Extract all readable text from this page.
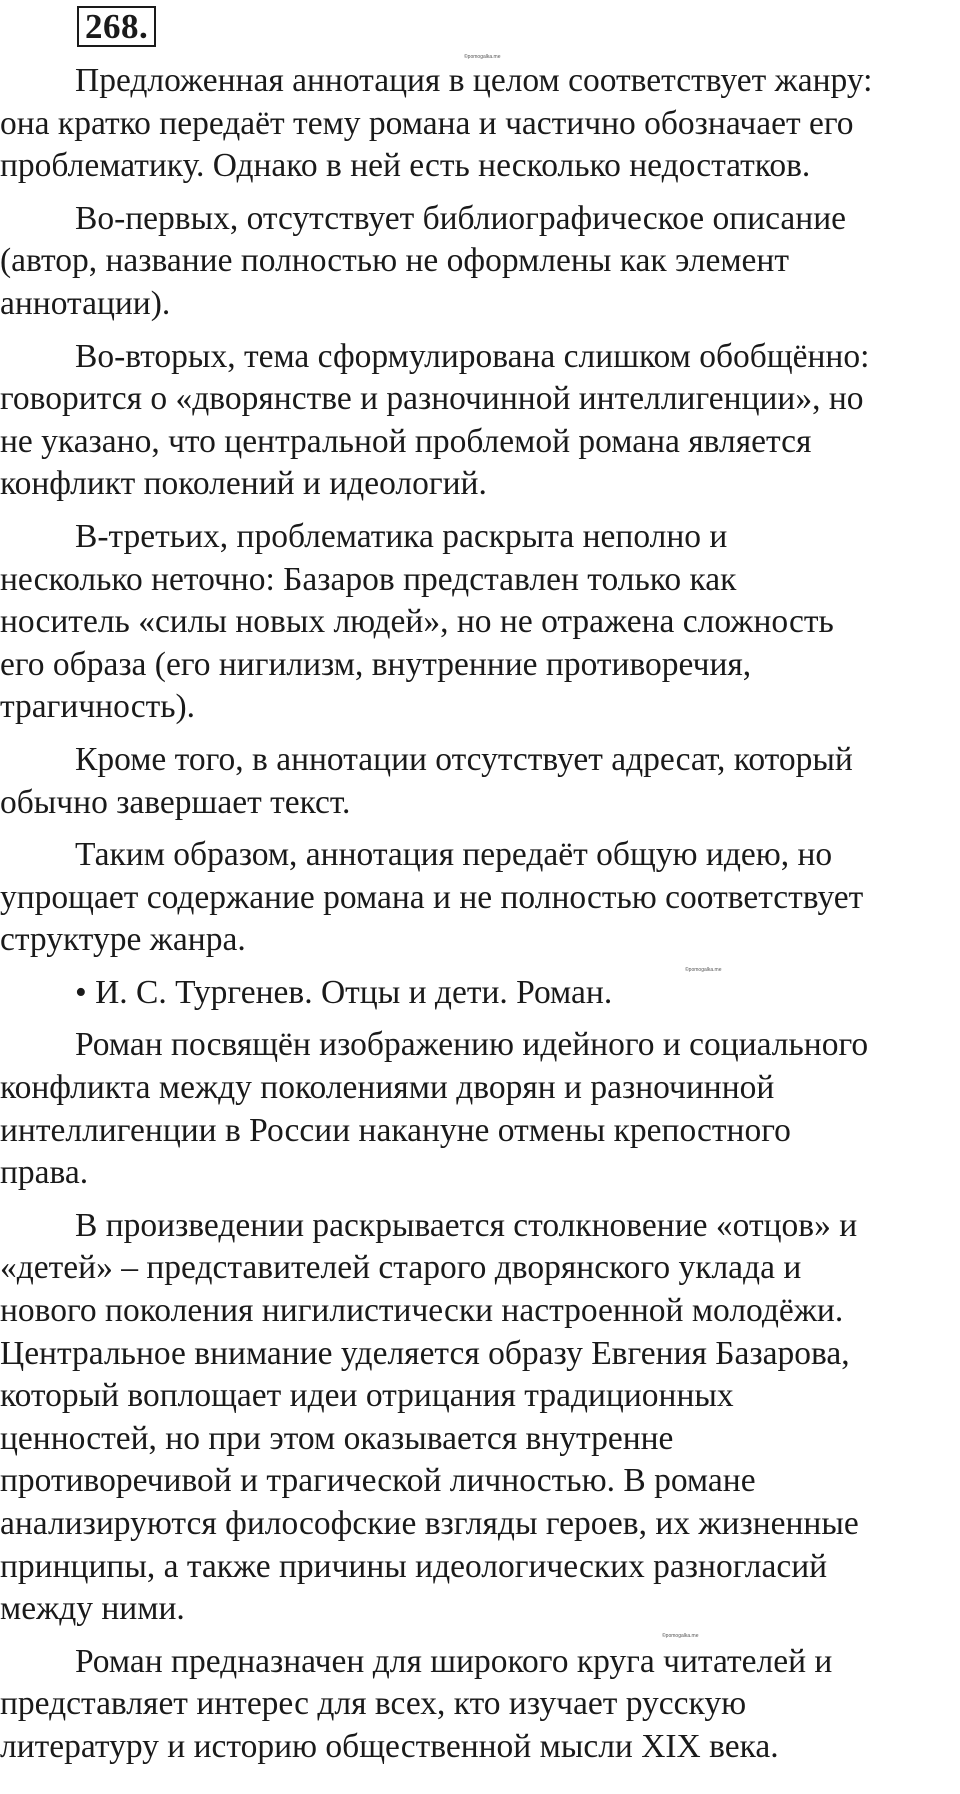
268.
©pomogalka.me
©pomogalka.me
©pomogalka.me

Предложенная аннотация в целом соответствует жанру:
она кратко передаёт тему романа и частично обозначает его
проблематику. Однако в ней есть несколько недостатков.

Во-первых, отсутствует библиографическое описание
(автор, название полностью не оформлены как элемент
аннотации).

Во-вторых, тема сформулирована слишком обобщённо:
говорится о «дворянстве и разночинной интеллигенции», но
не указано, что центральной проблемой романа является
конфликт поколений и идеологий.

В-третьих, проблематика раскрыта неполно и
несколько неточно: Базаров представлен только как
носитель «силы новых людей», но не отражена сложность
его образа (его нигилизм, внутренние противоречия,
трагичность).

Кроме того, в аннотации отсутствует адресат, который
обычно завершает текст.

Таким образом, аннотация передаёт общую идею, но
упрощает содержание романа и не полностью соответствует
структуре жанра.

• И. С. Тургенев. Отцы и дети. Роман.

Роман посвящён изображению идейного и социального
конфликта между поколениями дворян и разночинной
интеллигенции в России накануне отмены крепостного
права.

В произведении раскрывается столкновение «отцов» и
«детей» – представителей старого дворянского уклада и
нового поколения нигилистически настроенной молодёжи.
Центральное внимание уделяется образу Евгения Базарова,
который воплощает идеи отрицания традиционных
ценностей, но при этом оказывается внутренне
противоречивой и трагической личностью. В романе
анализируются философские взгляды героев, их жизненные
принципы, а также причины идеологических разногласий
между ними.

Роман предназначен для широкого круга читателей и
представляет интерес для всех, кто изучает русскую
литературу и историю общественной мысли XIX века.
